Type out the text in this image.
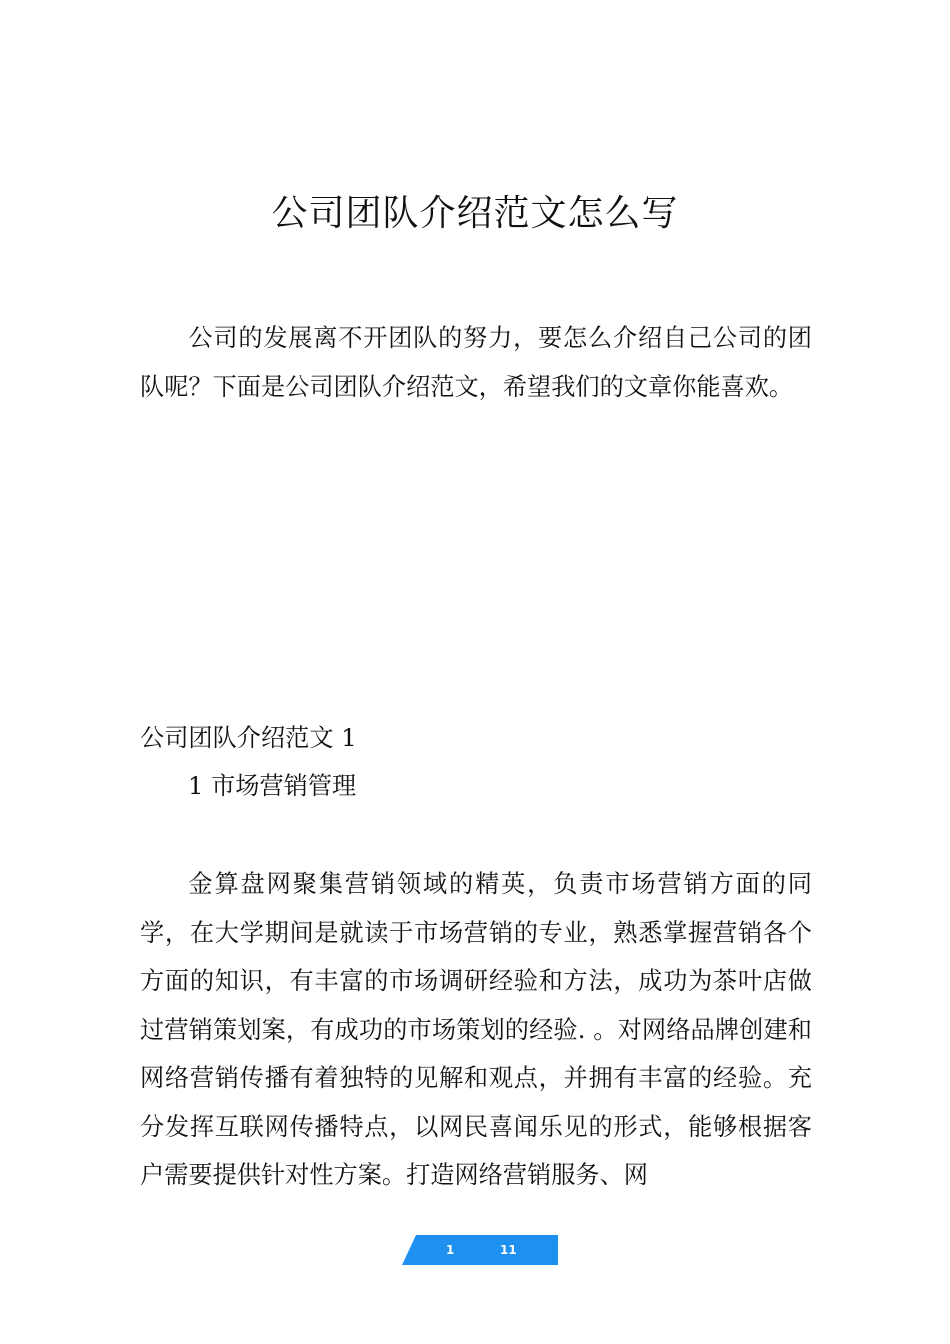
公司团队介绍范文怎么写

公司的发展离不开团队的努力，要怎么介绍自己公司的团队呢？下面是公司团队介绍范文，希望我们的文章你能喜欢。

公司团队介绍范文 1

1 市场营销管理

金算盘网聚集营销领域的精英，负责市场营销方面的同学，在大学期间是就读于市场营销的专业，熟悉掌握营销各个方面的知识，有丰富的市场调研经验和方法，成功为茶叶店做过营销策划案，有成功的市场策划的经验. 。对网络品牌创建和网络营销传播有着独特的见解和观点，并拥有丰富的经验。充分发挥互联网传播特点，以网民喜闻乐见的形式，能够根据客户需要提供针对性方案。打造网络营销服务、网

1	11
